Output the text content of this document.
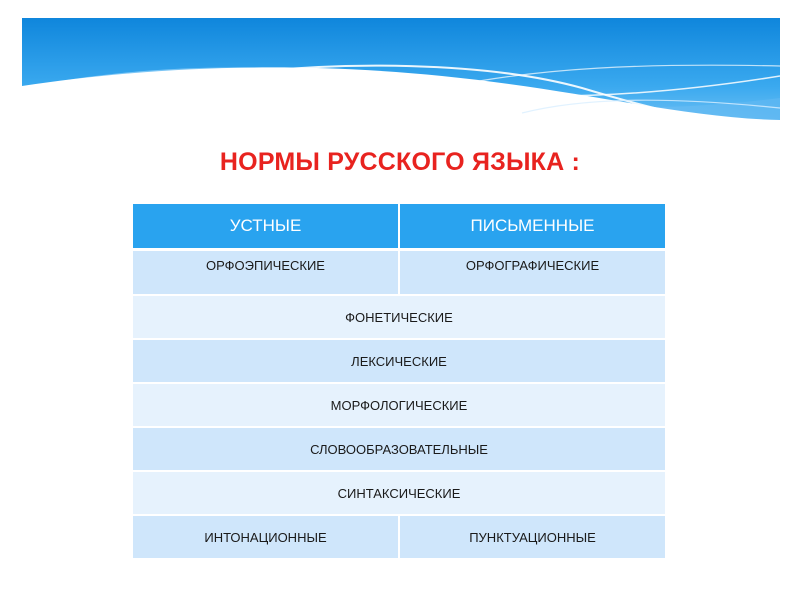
НОРМЫ РУССКОГО ЯЗЫКА :
УСТНЫЕ	ПИСЬМЕННЫЕ
ОРФОЭПИЧЕСКИЕ	ОРФОГРАФИЧЕСКИЕ
ФОНЕТИЧЕСКИЕ	
ЛЕКСИЧЕСКИЕ	
МОРФОЛОГИЧЕСКИЕ	
СЛОВООБРАЗОВАТЕЛЬНЫЕ	
СИНТАКСИЧЕСКИЕ	
ИНТОНАЦИОННЫЕ	ПУНКТУАЦИОННЫЕ
